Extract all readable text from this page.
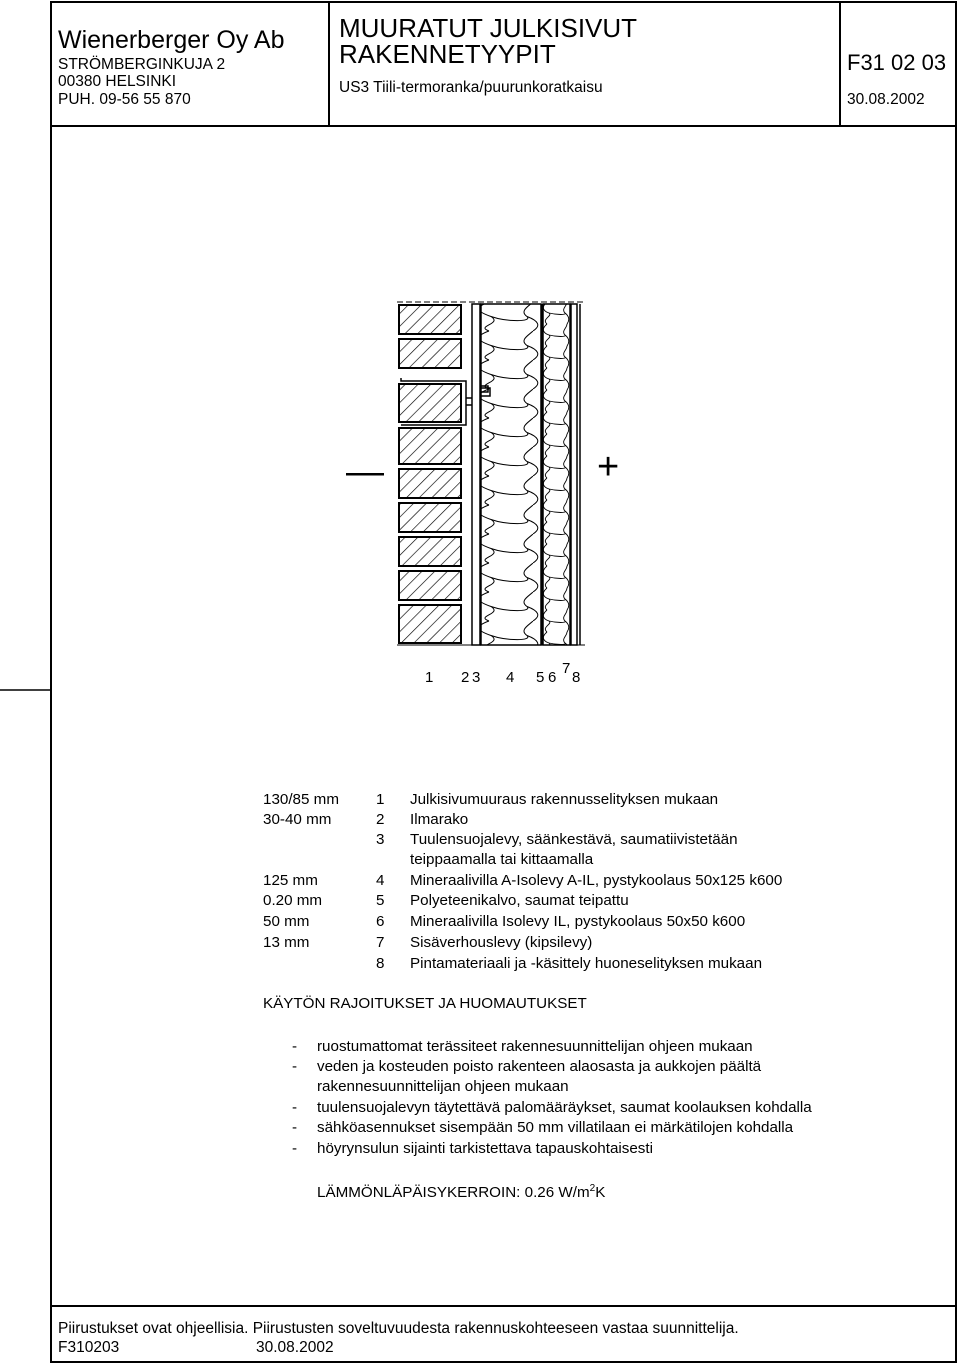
Wienerberger Oy Ab
STRÖMBERGINKUJA 2
00380 HELSINKI
PUH. 09-56 55 870
MUURATUT JULKISIVUT
RAKENNETYYPIT
US3 Tiili-termoranka/puurunkoratkaisu
F31 02 03
30.08.2002
—	+
1 2 3 4 5 6
7
8
130/85 mm 1 Julkisivumuuraus rakennusselityksen mukaan
30-40 mm	2 Ilmarako
3 Tuulensuojalevy, säänkestävä, saumatiivistetään
teippaamalla tai kittaamalla
125 mm	4 Mineraalivilla A-Isolevy A-IL, pystykoolaus 50x125 k600
0.20 mm	5 Polyeteenikalvo, saumat teipattu
50 mm	6 Mineraalivilla Isolevy IL, pystykoolaus 50x50 k600
13 mm	7 Sisäverhouslevy (kipsilevy)
8 Pintamateriaali ja -käsittely huoneselityksen mukaan
KÄYTÖN RAJOITUKSET JA HUOMAUTUKSET
- ruostumattomat terässiteet rakennesuunnittelijan ohjeen mukaan
- veden ja kosteuden poisto rakenteen alaosasta ja aukkojen päältä
rakennesuunnittelijan ohjeen mukaan
- tuulensuojalevyn täytettävä palomääräykset, saumat koolauksen kohdalla
- sähköasennukset sisempään 50 mm villatilaan ei märkätilojen kohdalla
- höyrynsulun sijainti tarkistettava tapauskohtaisesti
LÄMMÖNLÄPÄISYKERROIN: 0.26 $W/m^2K$
Piirustukset ovat ohjeellisia. Piirustusten soveltuvuudesta rakennuskohteeseen vastaa suunnittelija.
F310203	30.08.2002
